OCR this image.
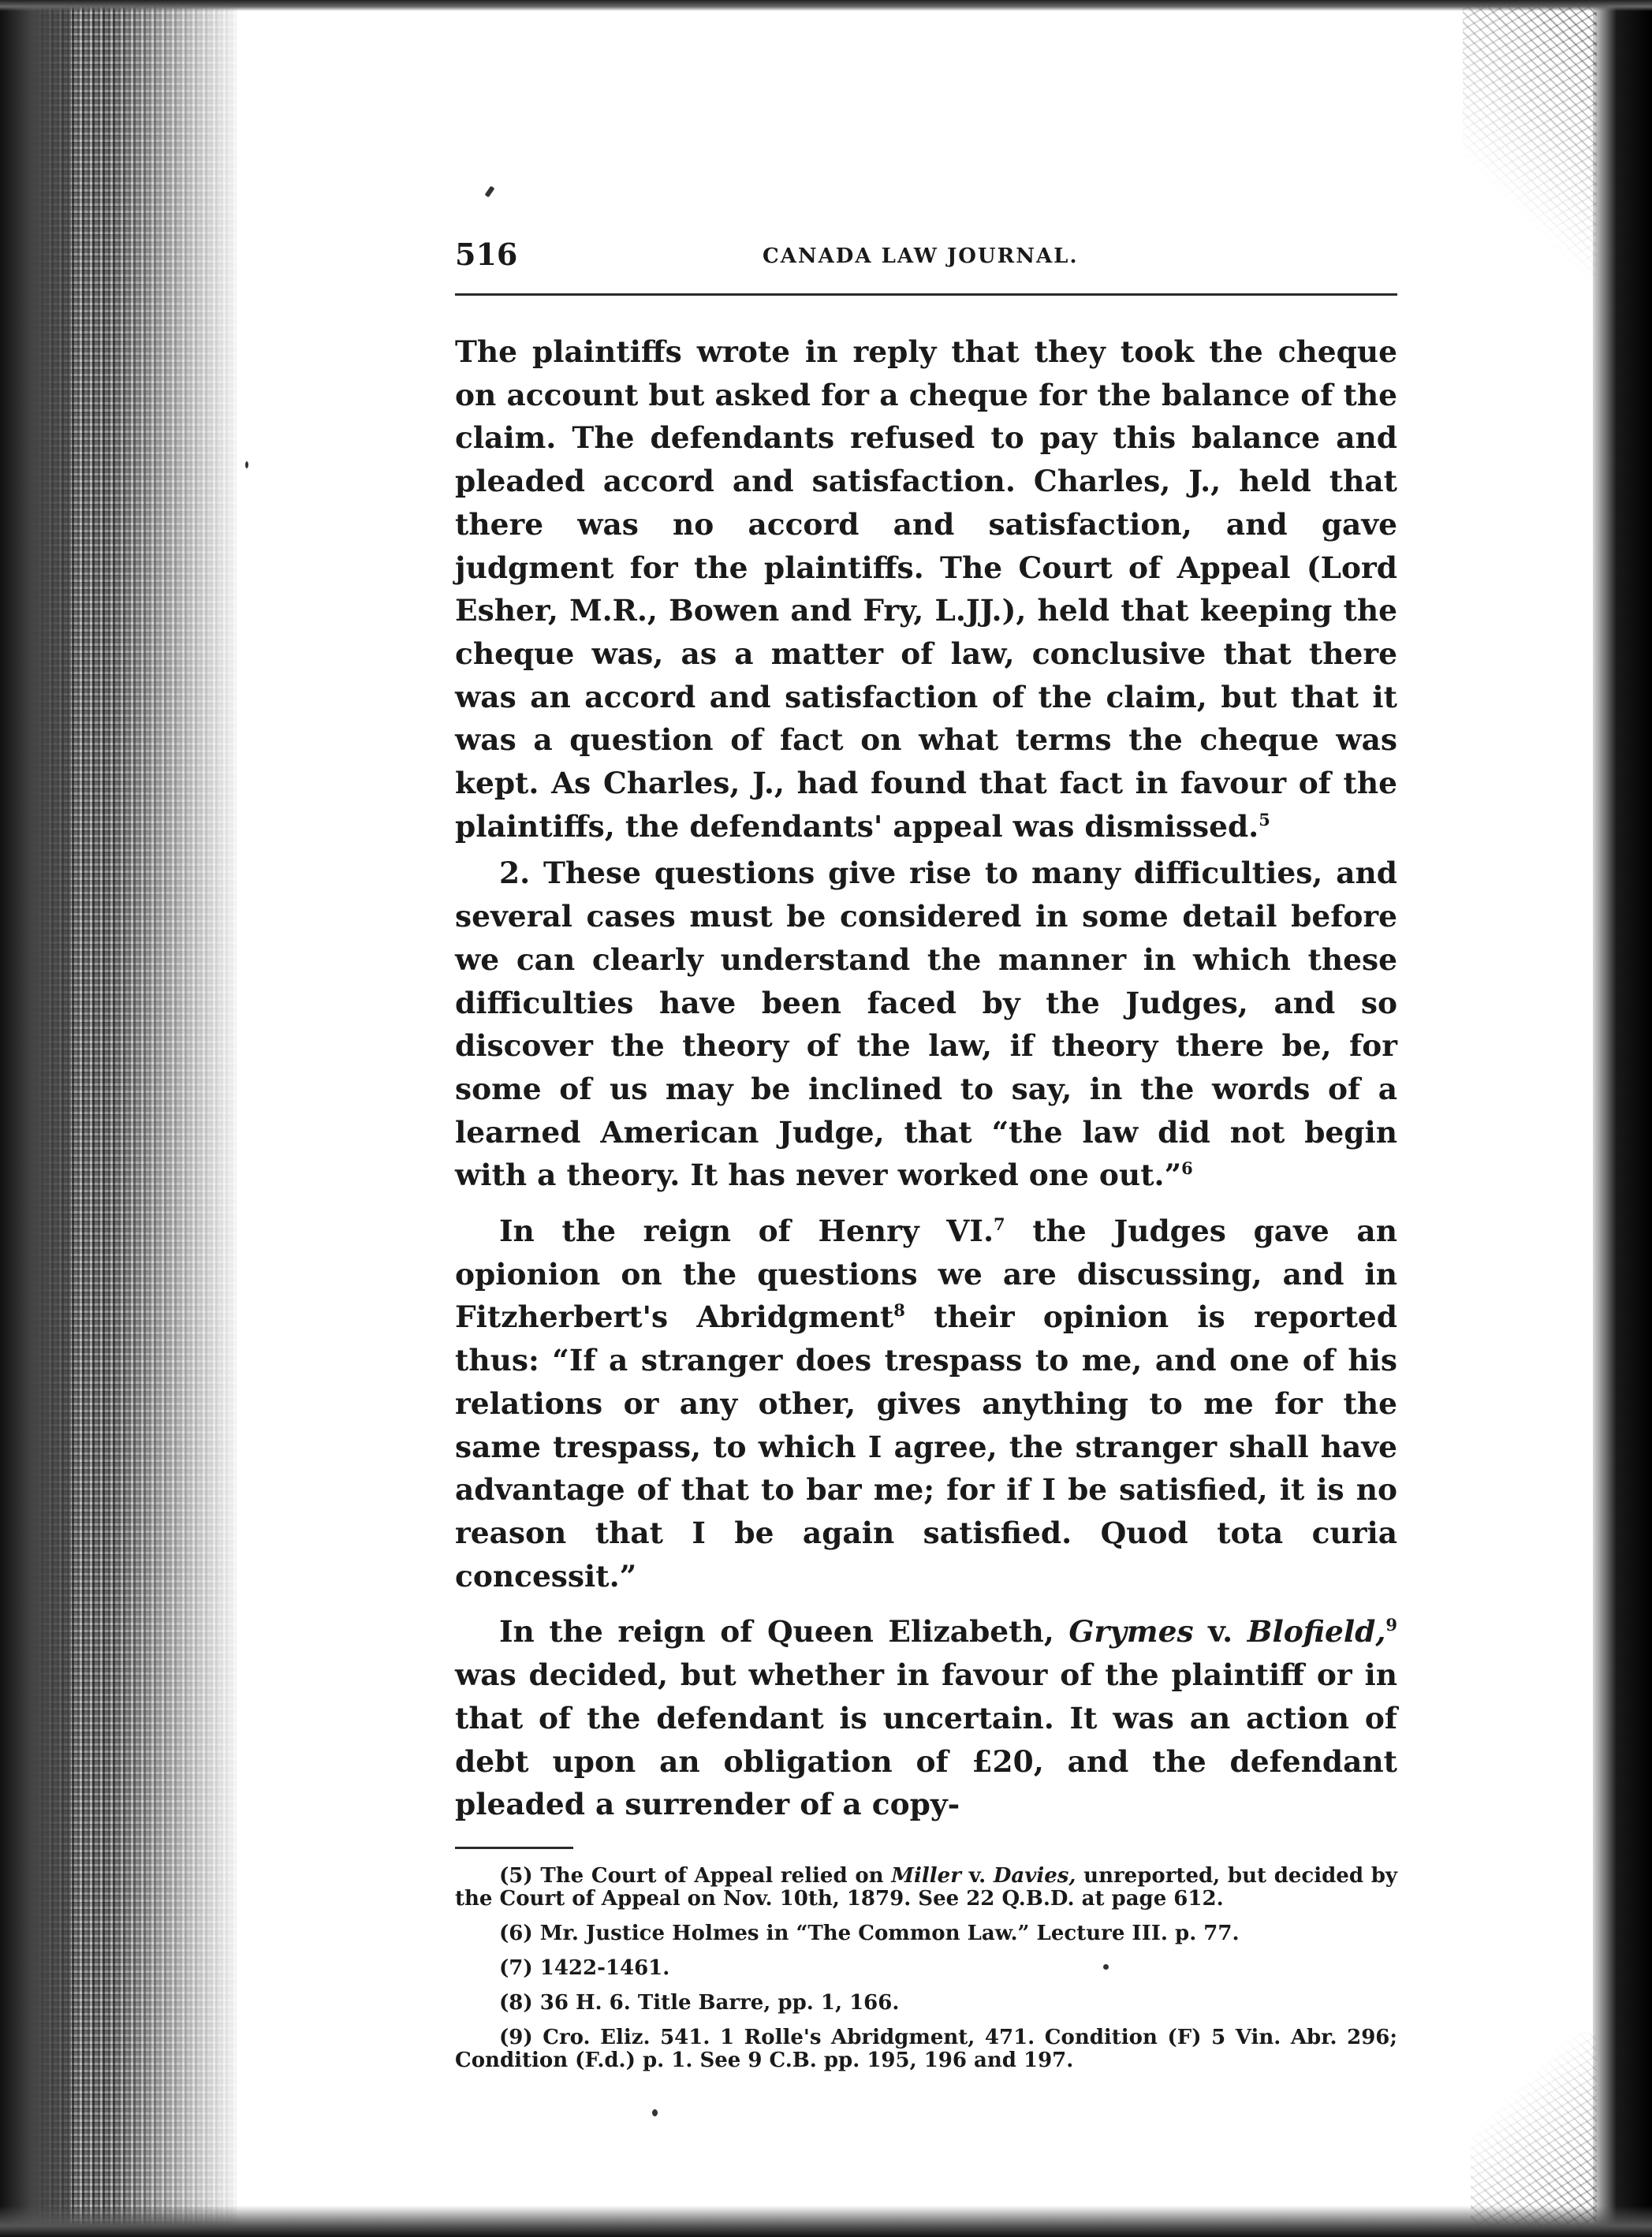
516	CANADA LAW JOURNAL.

The plaintiffs wrote in reply that they took the cheque on account but asked for a cheque for the balance of the claim. The defendants refused to pay this balance and pleaded accord and satisfaction. Charles, J., held that there was no accord and satisfaction, and gave judgment for the plaintiffs. The Court of Appeal (Lord Esher, M.R., Bowen and Fry, L.JJ.), held that keeping the cheque was, as a matter of law, conclusive that there was an accord and satisfaction of the claim, but that it was a question of fact on what terms the cheque was kept. As Charles, J., had found that fact in favour of the plaintiffs, the defendants' appeal was dismissed.$^5$

2. These questions give rise to many difficulties, and several cases must be considered in some detail before we can clearly understand the manner in which these difficulties have been faced by the Judges, and so discover the theory of the law, if theory there be, for some of us may be inclined to say, in the words of a learned American Judge, that “the law did not begin with a theory. It has never worked one out.”$^6$

In the reign of Henry VI.$^7$ the Judges gave an opionion on the questions we are discussing, and in Fitzherbert's Abridgment$^8$ their opinion is reported thus: “If a stranger does trespass to me, and one of his relations or any other, gives anything to me for the same trespass, to which I agree, the stranger shall have advantage of that to bar me; for if I be satisfied, it is no reason that I be again satisfied. Quod tota curia concessit.”

In the reign of Queen Elizabeth, Grymes v. Blofield,$^9$ was decided, but whether in favour of the plaintiff or in that of the defendant is uncertain. It was an action of debt upon an obligation of £20, and the defendant pleaded a surrender of a copy-

(5) The Court of Appeal relied on Miller v. Davies, unreported, but decided by the Court of Appeal on Nov. 10th, 1879. See 22 Q.B.D. at page 612.

(6) Mr. Justice Holmes in “The Common Law.” Lecture III. p. 77.

(7) 1422-1461.

(8) 36 H. 6. Title Barre, pp. 1, 166.

(9) Cro. Eliz. 541. 1 Rolle's Abridgment, 471. Condition (F) 5 Vin. Abr. 296; Condition (F.d.) p. 1. See 9 C.B. pp. 195, 196 and 197.
